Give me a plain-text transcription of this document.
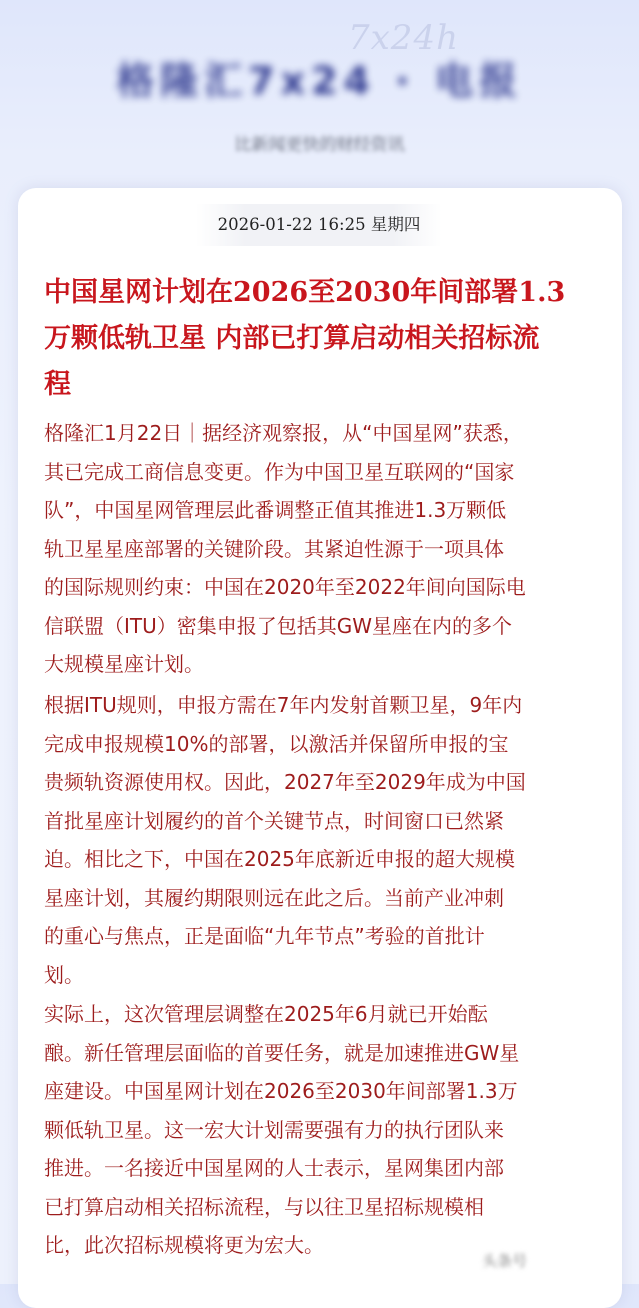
7x24h
格隆汇7x24 · 电报
比新闻更快的财经资讯
2026-01-22 16:25 星期四
中国星网计划在2026至2030年间部署1.3
万颗低轨卫星 内部已打算启动相关招标流
程
格隆汇1月22日｜据经济观察报，从“中国星网”获悉，
其已完成工商信息变更。作为中国卫星互联网的“国家
队”，中国星网管理层此番调整正值其推进1.3万颗低
轨卫星星座部署的关键阶段。其紧迫性源于一项具体
的国际规则约束：中国在2020年至2022年间向国际电
信联盟（ITU）密集申报了包括其GW星座在内的多个
大规模星座计划。
根据ITU规则，申报方需在7年内发射首颗卫星，9年内
完成申报规模10%的部署，以激活并保留所申报的宝
贵频轨资源使用权。因此，2027年至2029年成为中国
首批星座计划履约的首个关键节点，时间窗口已然紧
迫。相比之下，中国在2025年底新近申报的超大规模
星座计划，其履约期限则远在此之后。当前产业冲刺
的重心与焦点，正是面临“九年节点”考验的首批计
划。
实际上，这次管理层调整在2025年6月就已开始酝
酿。新任管理层面临的首要任务，就是加速推进GW星
座建设。中国星网计划在2026至2030年间部署1.3万
颗低轨卫星。这一宏大计划需要强有力的执行团队来
推进。一名接近中国星网的人士表示，星网集团内部
已打算启动相关招标流程，与以往卫星招标规模相
比，此次招标规模将更为宏大。
头条号
